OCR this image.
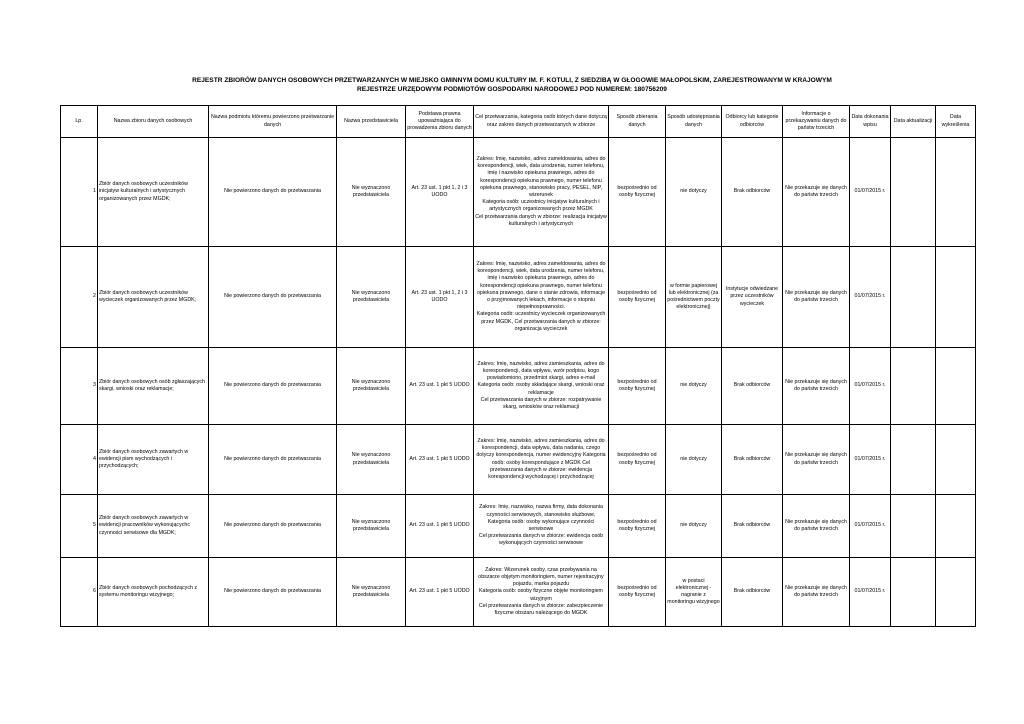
REJESTR ZBIORÓW DANYCH OSOBOWYCH PRZETWARZANYCH W MIEJSKO GMINNYM DOMU KULTURY IM. F. KOTULI, Z SIEDZIBĄ W GŁOGOWIE MAŁOPOLSKIM, ZAREJESTROWANYM W KRAJOWYM
REJESTRZE URZĘDOWYM PODMIOTÓW GOSPODARKI NARODOWEJ POD NUMEREM: 180756209
Lp.	Nazwa zbioru danych osobowych	Nazwa podmiotu któremu powierzono przetwarzanie danych	Nazwa przedstawiciela	Podstawa prawna upoważniająca do prowadzenia zbioru danych	Cel przetwarzania, kategoria osób których dane dotyczą oraz zakres danych przetwarzanych w zbiorze	Sposób zbierania danych	Sposób udostępniania danych	Odbiorcy lub kategorie odbiorców	Informacje o przekazywaniu danych do państw trzecich	Data dokonania wpisu	Data aktualizacji	Data wykreślenia
1	Zbiór danych osobowych uczestników inicjatyw kulturalnych i artystycznych organizowanych przez MGDK;	Nie powierzono danych do przetwarzania	Nie wyznaczono przedstawiciela	Art. 23 ust. 1 pkt 1, 2 i 3 UODO	Zakres: Imię, nazwisko, adres zameldowania, adres do korespondencji, wiek, data urodzenia, numer telefonu, imię i nazwisko opiekuna prawnego, adres do korespondencji opiekuna prawnego, numer telefonu opiekuna prawnego, stanowisko pracy, PESEL, NIP, wizerunek
Kategoria osób: uczestnicy inicjatyw kulturalnych i artystycznych organizowanych przez MGDK
Cel przetwarzania danych w zbiorze: realizacja inicjatyw kulturalnych i artystycznych	bezpośrednio od osoby fizycznej	nie dotyczy	Brak odbiorców	Nie przekazuje się danych do państw trzecich	01/07/2015 r.		
2	Zbiór danych osobowych uczestników wycieczek organizowanych przez MGDK;	Nie powierzono danych do przetwarzania	Nie wyznaczono przedstawiciela	Art. 23 ust. 1 pkt 1, 2 i 3 UODO	Zakres: Imię, nazwisko, adres zameldowania, adres do korespondencji, wiek, data urodzenia, numer telefonu, imię i nazwisko opiekuna prawnego, adres do korespondencji opiekuna prawnego, numer telefonu opiekuna prawnego, dane o stanie zdrowia, informacje o przyjmowanych lekach, informacje o stopniu niepełnosprawności.
Kategoria osób: uczestnicy wycieczek organizowanych przez MGDK, Cel przetwarzania danych w zbiorze: organizacja wycieczek	bezpośrednio od osoby fizycznej	w formie papierowej lub elektronicznej (za pośrednictwem poczty elektronicznej)	Instytucje odwiedzane przez uczestników wycieczek	Nie przekazuje się danych do państw trzecich	01/07/2015 r.		
3	Zbiór danych osobowych osób zgłaszających skargi, wnioski oraz reklamacje;	Nie powierzono danych do przetwarzania	Nie wyznaczono przedstawiciela	Art. 23 ust. 1 pkt 5 UODO	Zakres: Imię, nazwisko, adres zamieszkania, adres do korespondencji, data wpływu, wzór podpisu, kogo powiadomiono, przedmiot skargi, adres e-mail
Kategoria osób: osoby składające skargi, wnioski oraz reklamacje
Cel przetwarzania danych w zbiorze: rozpatrywanie skarg, wniosków oraz reklamacji	bezpośrednio od osoby fizycznej	nie dotyczy	Brak odbiorców	Nie przekazuje się danych do państw trzecich	01/07/2015 r.		
4	Zbiór danych osobowych zawartych w ewidencji pism wychodzących i przychodzących;	Nie powierzono danych do przetwarzania	Nie wyznaczono przedstawiciela	Art. 23 ust. 1 pkt 5 UODO	Zakres: Imię, nazwisko, adres zamieszkania, adres do korespondencji, data wpływu, data nadania, czego dotyczy korespondencja, numer ewidencyjny Kategoria osób: osoby korespondujące z MGDK Cel przetwarzania danych w zbiorze: ewidencja korespondencji wychodzącej i przychodzącej	bezpośrednio od osoby fizycznej	nie dotyczy	Brak odbiorców	Nie przekazuje się danych do państw trzecich	01/07/2015 r.		
5	Zbiór danych osobowych zawartych w ewidencji pracowników wykonującychc czynności serwisowe dla MGDK;	Nie powierzono danych do przetwarzania	Nie wyznaczono przedstawiciela	Art. 23 ust. 1 pkt 5 UODO	Zakres: Imię, nazwisko, nazwa firmy, data dokonania czynności serwisowych, stanowisko służbowe,
Kategoria osób: osoby wykonujące czynności serwisowe
Cel przetwarzania danych w zbiorze: ewidencja osób wykonujących czynności serwisowe	bezpośrednio od osoby fizycznej	nie dotyczy	Brak odbiorców	Nie przekazuje się danych do państw trzecich	01/07/2015 r.		
6	Zbiór danych osobowych pochodzących z systemu monitoringu wizyjnego;	Nie powierzono danych do przetwarzania	Nie wyznaczono przedstawiciela	Art. 23 ust. 1 pkt 5 UODO	Zakres: Wizerunek osoby, czas przebywania na obszarze objętym monitoringiem, numer rejestracyjny pojazdu, marka pojazdu
Kategoria osób: osoby fizyczne objęte monitoringiem wizyjnym
Cel przetwarzania danych w zbiorze: zabezpieczenie fizyczne obszaru należącego do MGDK	bezpośrednio od osoby fizycznej	w postaci elektronicznej - nagranie z monitoringu wizyjnego	Brak odbiorców	Nie przekazuje się danych do państw trzecich	01/07/2015 r.		
